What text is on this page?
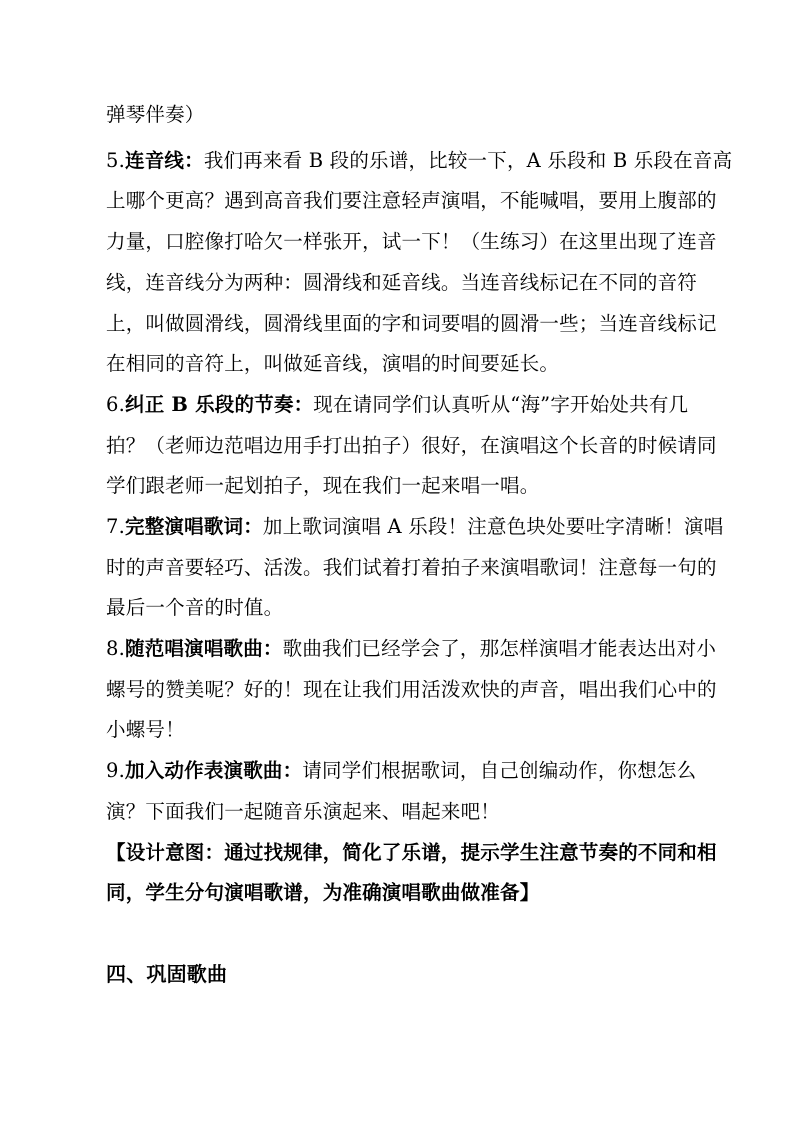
弹琴伴奏）
5.连音线：我们再来看 B 段的乐谱，比较一下，A 乐段和 B 乐段在音高
上哪个更高？遇到高音我们要注意轻声演唱，不能喊唱，要用上腹部的
力量，口腔像打哈欠一样张开，试一下！（生练习）在这里出现了连音
线，连音线分为两种：圆滑线和延音线。当连音线标记在不同的音符
上，叫做圆滑线，圆滑线里面的字和词要唱的圆滑一些；当连音线标记
在相同的音符上，叫做延音线，演唱的时间要延长。
6.纠正 B 乐段的节奏：现在请同学们认真听从“海”字开始处共有几
拍？（老师边范唱边用手打出拍子）很好，在演唱这个长音的时候请同
学们跟老师一起划拍子，现在我们一起来唱一唱。
7.完整演唱歌词：加上歌词演唱 A 乐段！注意色块处要吐字清晰！演唱
时的声音要轻巧、活泼。我们试着打着拍子来演唱歌词！注意每一句的
最后一个音的时值。
8.随范唱演唱歌曲：歌曲我们已经学会了，那怎样演唱才能表达出对小
螺号的赞美呢？好的！现在让我们用活泼欢快的声音，唱出我们心中的
小螺号！
9.加入动作表演歌曲：请同学们根据歌词，自己创编动作，你想怎么
演？下面我们一起随音乐演起来、唱起来吧！
【设计意图：通过找规律，简化了乐谱，提示学生注意节奏的不同和相
同，学生分句演唱歌谱，为准确演唱歌曲做准备】
四、巩固歌曲
